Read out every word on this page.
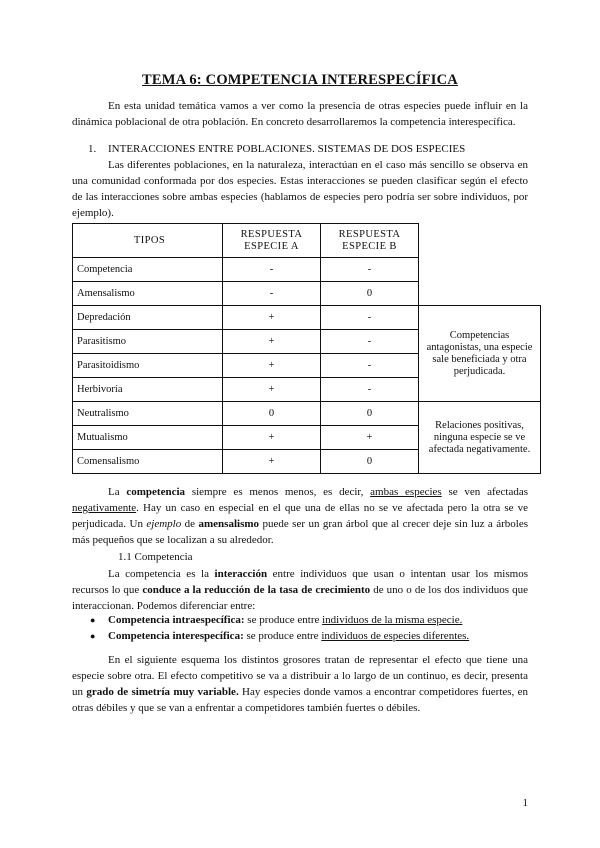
TEMA 6: COMPETENCIA INTERESPECÍFICA
En esta unidad temática vamos a ver como la presencia de otras especies puede influir en la dinámica poblacional de otra población. En concreto desarrollaremos la competencia interespecífica.
1. INTERACCIONES ENTRE POBLACIONES. SISTEMAS DE DOS ESPECIES
Las diferentes poblaciones, en la naturaleza, interactúan en el caso más sencillo se observa en una comunidad conformada por dos especies. Estas interacciones se pueden clasificar según el efecto de las interacciones sobre ambas especies (hablamos de especies pero podría ser sobre individuos, por ejemplo).
TIPOS	RESPUESTA ESPECIE A	RESPUESTA ESPECIE B	
Competencia	-	-	
Amensalismo	-	0	
Depredación	+	-	Competencias antagonistas, una especie sale beneficiada y otra perjudicada.
Parasitismo	+	-	
Parasitoidismo	+	-	
Herbivoría	+	-	
Neutralismo	0	0	Relaciones positivas, ninguna especie se ve afectada negativamente.
Mutualismo	+	+	
Comensalismo	+	0	
La competencia siempre es menos menos, es decir, ambas especies se ven afectadas negativamente. Hay un caso en especial en el que una de ellas no se ve afectada pero la otra se ve perjudicada. Un ejemplo de amensalismo puede ser un gran árbol que al crecer deje sin luz a árboles más pequeños que se localizan a su alrededor.
1.1 Competencia
La competencia es la interacción entre individuos que usan o intentan usar los mismos recursos lo que conduce a la reducción de la tasa de crecimiento de uno o de los dos individuos que interaccionan. Podemos diferenciar entre:
● Competencia intraespecífica: se produce entre individuos de la misma especie.
● Competencia interespecífica: se produce entre individuos de especies diferentes.
En el siguiente esquema los distintos grosores tratan de representar el efecto que tiene una especie sobre otra. El efecto competitivo se va a distribuir a lo largo de un continuo, es decir, presenta un grado de simetría muy variable. Hay especies donde vamos a encontrar competidores fuertes, en otras débiles y que se van a enfrentar a competidores también fuertes o débiles.
1
